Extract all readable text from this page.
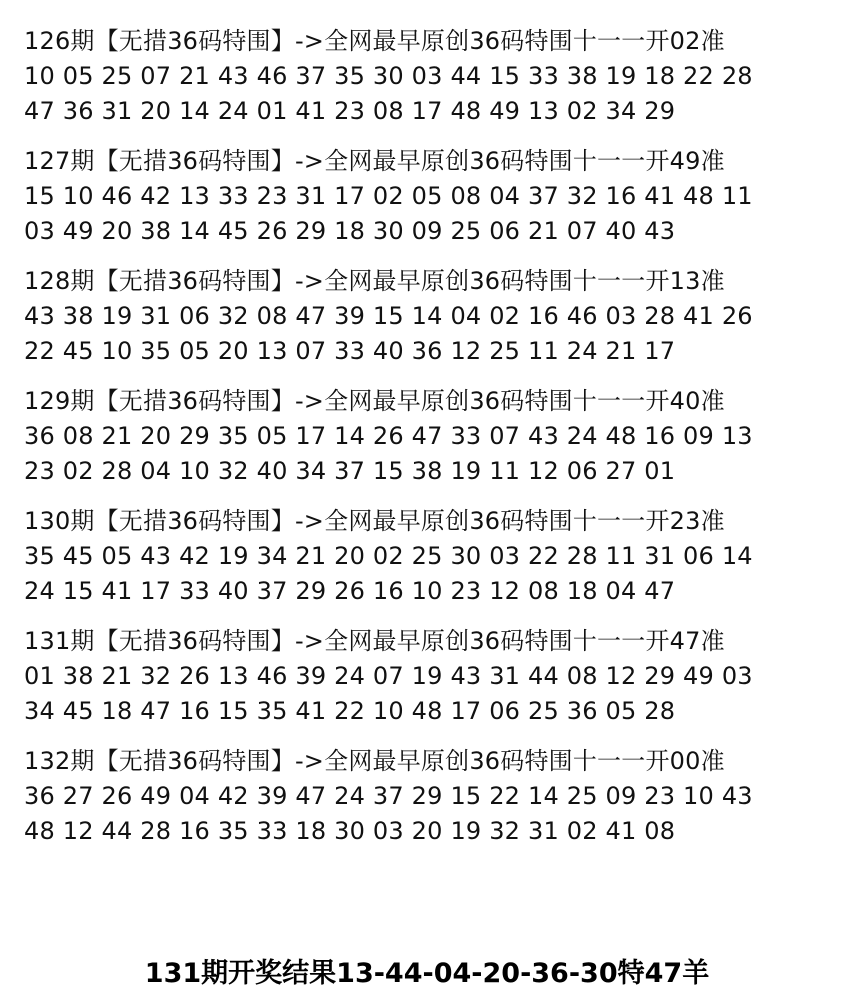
126期【无措36码特围】->全网最早原创36码特围十一一开02准
10 05 25 07 21 43 46 37 35 30 03 44 15 33 38 19 18 22 28
47 36 31 20 14 24 01 41 23 08 17 48 49 13 02 34 29
127期【无措36码特围】->全网最早原创36码特围十一一开49准
15 10 46 42 13 33 23 31 17 02 05 08 04 37 32 16 41 48 11
03 49 20 38 14 45 26 29 18 30 09 25 06 21 07 40 43
128期【无措36码特围】->全网最早原创36码特围十一一开13准
43 38 19 31 06 32 08 47 39 15 14 04 02 16 46 03 28 41 26
22 45 10 35 05 20 13 07 33 40 36 12 25 11 24 21 17
129期【无措36码特围】->全网最早原创36码特围十一一开40准
36 08 21 20 29 35 05 17 14 26 47 33 07 43 24 48 16 09 13
23 02 28 04 10 32 40 34 37 15 38 19 11 12 06 27 01
130期【无措36码特围】->全网最早原创36码特围十一一开23准
35 45 05 43 42 19 34 21 20 02 25 30 03 22 28 11 31 06 14
24 15 41 17 33 40 37 29 26 16 10 23 12 08 18 04 47
131期【无措36码特围】->全网最早原创36码特围十一一开47准
01 38 21 32 26 13 46 39 24 07 19 43 31 44 08 12 29 49 03
34 45 18 47 16 15 35 41 22 10 48 17 06 25 36 05 28
132期【无措36码特围】->全网最早原创36码特围十一一开00准
36 27 26 49 04 42 39 47 24 37 29 15 22 14 25 09 23 10 43
48 12 44 28 16 35 33 18 30 03 20 19 32 31 02 41 08
131期开奖结果13-44-04-20-36-30特47羊
